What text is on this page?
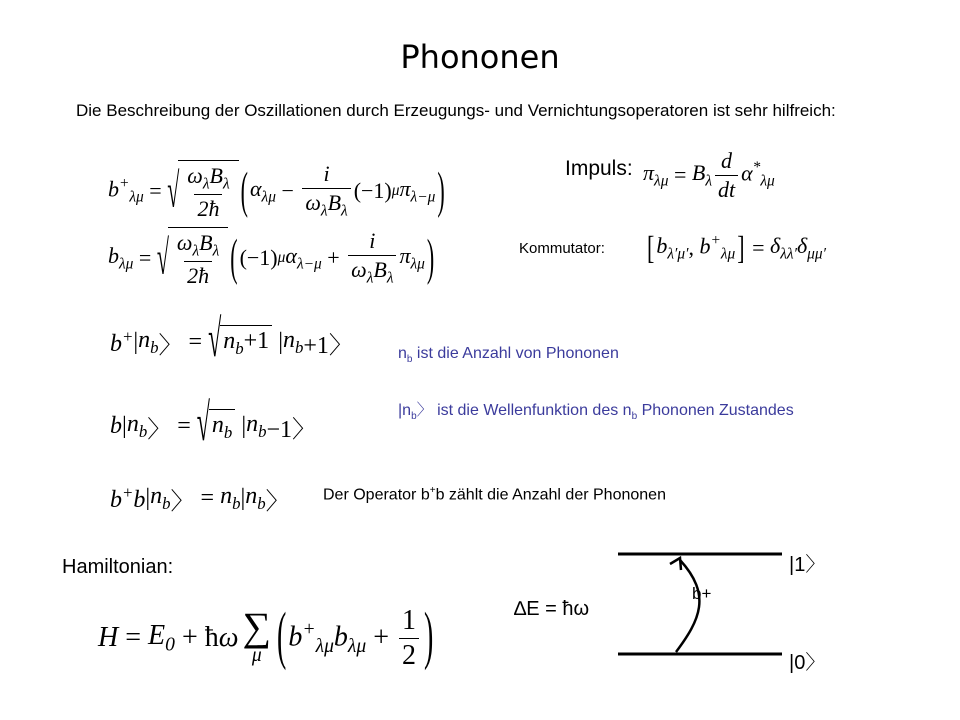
Phononen
Die Beschreibung der Oszillationen durch Erzeugungs- und Vernichtungsoperatoren ist sehr hilfreich:
$b^+_{\lambda\mu}$ = √ $\frac{\omega_\lambda B_\lambda}{2ħ}$ ( $\alpha_{\lambda\mu} - \frac{i}{\omega_\lambda B_\lambda} (-1)$ μ $\pi_{\lambda-\mu}$ )
$b_{\lambda\mu}$ = √ $\frac{\omega_\lambda B_\lambda}{2ħ}$ ( (−1) μ $\alpha_{\lambda-\mu} + \frac{i}{\omega_\lambda B_\lambda} \pi_{\lambda\mu}$ )
Impuls: $\pi_{\lambda\mu} = B_\lambda \frac{d}{dt} \alpha^*_{\lambda\mu}$
Kommutator: [ $b_{\lambda'\mu'}$ , $b^+_{\lambda\mu}$ ] = $\delta_{\lambda\lambda'}\delta_{\mu\mu'}$
b+ | $n_b$ 〉 = √ $n_b+1$ | $n_b +1$〉
b | $n_b$ 〉 = √ $n_b$ | $n_b -1$〉
b+b | $n_b$ 〉 = $n_b$ | $n_b$ 〉
$n_b$ ist die Anzahl von Phononen
$|n_b$〉 ist die Wellenfunktion des $n_b$ Phononen Zustandes
Der Operator b+b zählt die Anzahl der Phononen
Hamiltonian:
$H = E_0$ + ħ ω ∑
μ ( $b^+_{\lambda\mu}b_{\lambda\mu} + \frac{1}{2}$ )
|1〉
|0〉
b+
∆E = ħω
